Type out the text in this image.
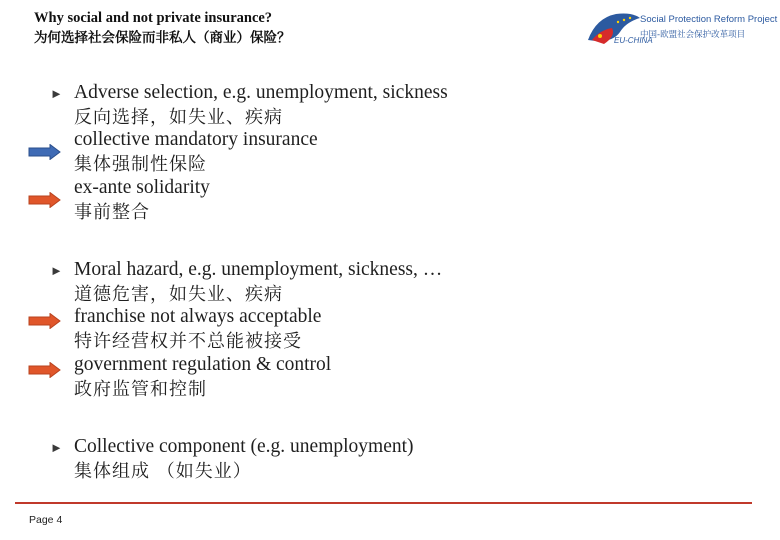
Why social and not private insurance?
为何选择社会保险而非私人（商业）保险？
Social Protection Reform Project
中国-欧盟社会保护改革项目
EU-CHINA
► Adverse selection, e.g. unemployment, sickness
反向选择，如失业、疾病
collective mandatory insurance
集体强制性保险
ex-ante solidarity
事前整合
► Moral hazard, e.g. unemployment, sickness, …
道德危害，如失业、疾病
franchise not always acceptable
特许经营权并不总能被接受
government regulation & control
政府监管和控制
► Collective component (e.g. unemployment)
集体组成 （如失业）
Page 4
